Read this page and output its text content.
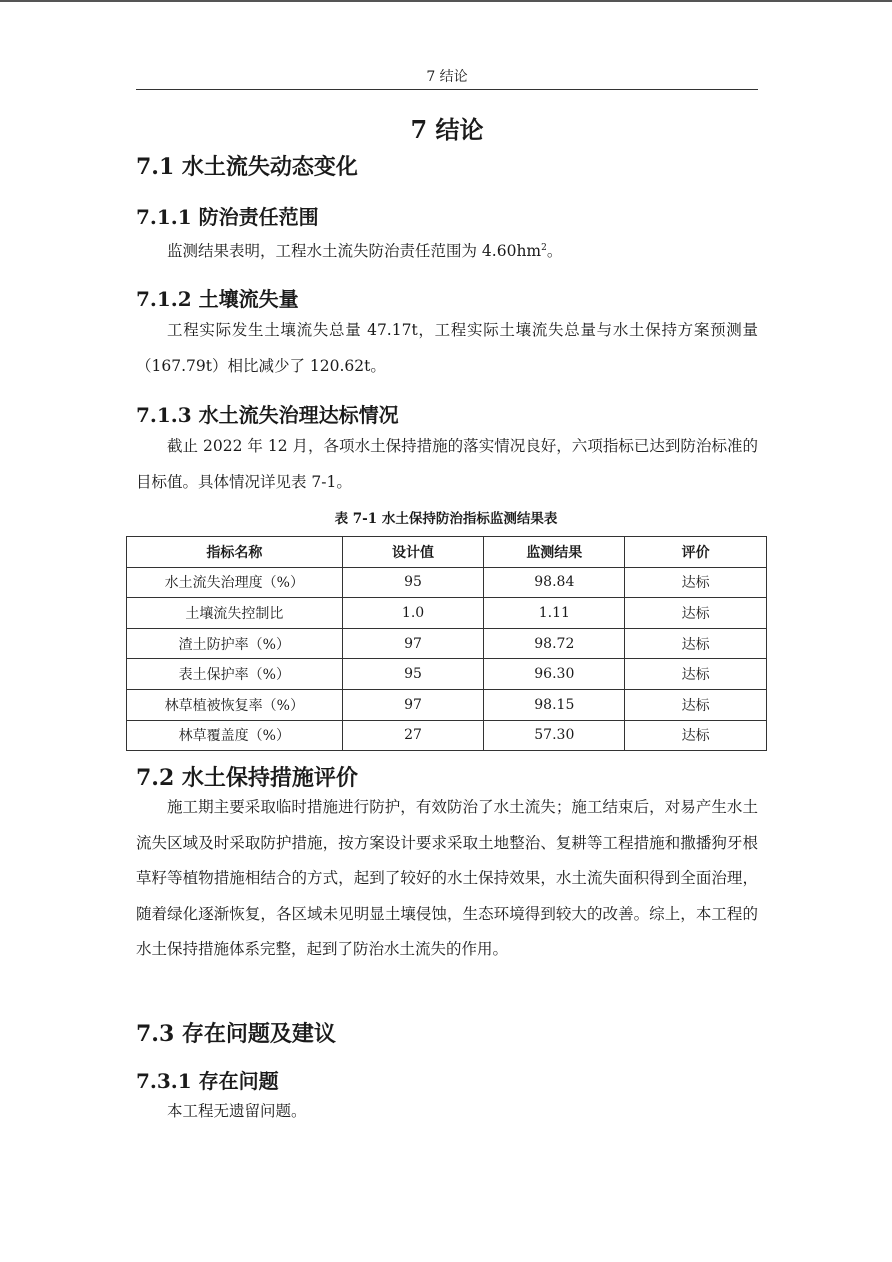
7 结论
7 结论
7.1 水土流失动态变化
7.1.1 防治责任范围

监测结果表明，工程水土流失防治责任范围为 $4.60hm^2$。

7.1.2 土壤流失量

工程实际发生土壤流失总量 47.17t，工程实际土壤流失总量与水土保持方案预测量（167.79t）相比减少了 120.62t。

7.1.3 水土流失治理达标情况

截止 2022 年 12 月，各项水土保持措施的落实情况良好，六项指标已达到防治标准的目标值。具体情况详见表 7-1。

表 7-1 水土保持防治指标监测结果表
指标名称	设计值	监测结果	评价
水土流失治理度（%）	95	98.84	达标
土壤流失控制比	1.0	1.11	达标
渣土防护率（%）	97	98.72	达标
表土保护率（%）	95	96.30	达标
林草植被恢复率（%）	97	98.15	达标
林草覆盖度（%）	27	57.30	达标
7.2 水土保持措施评价

施工期主要采取临时措施进行防护，有效防治了水土流失；施工结束后，对易产生水土流失区域及时采取防护措施，按方案设计要求采取土地整治、复耕等工程措施和撒播狗牙根草籽等植物措施相结合的方式，起到了较好的水土保持效果，水土流失面积得到全面治理，随着绿化逐渐恢复，各区域未见明显土壤侵蚀，生态环境得到较大的改善。综上，本工程的水土保持措施体系完整，起到了防治水土流失的作用。

7.3 存在问题及建议
7.3.1 存在问题

本工程无遗留问题。
